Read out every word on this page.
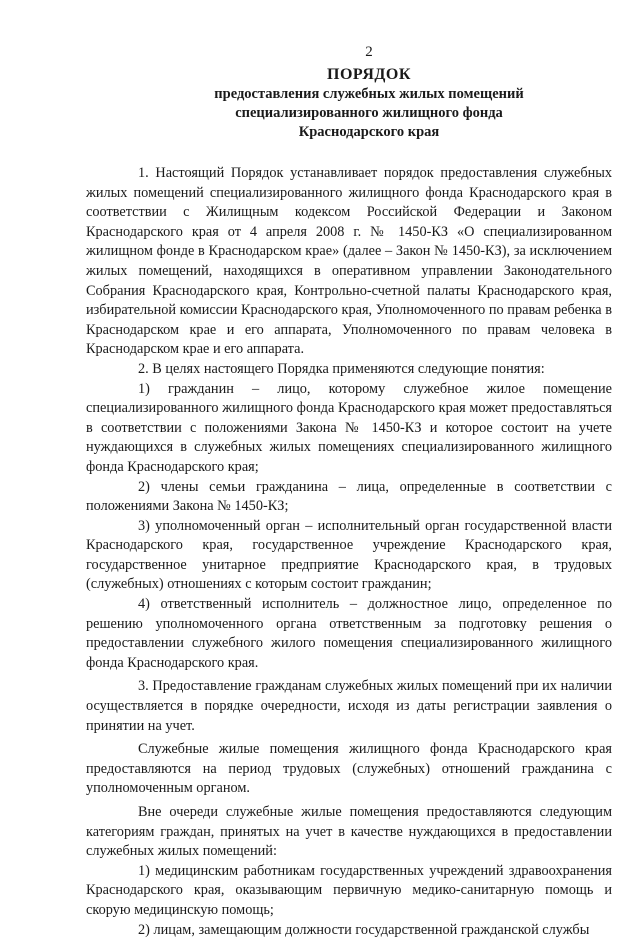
2
ПОРЯДОК
предоставления служебных жилых помещений
специализированного жилищного фонда
Краснодарского края

1. Настоящий Порядок устанавливает порядок предоставления служебных жилых помещений специализированного жилищного фонда Краснодарского края в соответствии с Жилищным кодексом Российской Федерации и Законом Краснодарского края от 4 апреля 2008 г. № 1450-КЗ «О специализированном жилищном фонде в Краснодарском крае» (далее – Закон № 1450-КЗ), за исключением жилых помещений, находящихся в оперативном управлении Законодательного Собрания Краснодарского края, Контрольно-счетной палаты Краснодарского края, избирательной комиссии Краснодарского края, Уполномоченного по правам ребенка в Краснодарском крае и его аппарата, Уполномоченного по правам человека в Краснодарском крае и его аппарата.

2. В целях настоящего Порядка применяются следующие понятия:

1) гражданин – лицо, которому служебное жилое помещение специализированного жилищного фонда Краснодарского края может предоставляться в соответствии с положениями Закона № 1450-КЗ и которое состоит на учете нуждающихся в служебных жилых помещениях специализированного жилищного фонда Краснодарского края;

2) члены семьи гражданина – лица, определенные в соответствии с положениями Закона № 1450-КЗ;

3) уполномоченный орган – исполнительный орган государственной власти Краснодарского края, государственное учреждение Краснодарского края, государственное унитарное предприятие Краснодарского края, в трудовых (служебных) отношениях с которым состоит гражданин;

4) ответственный исполнитель – должностное лицо, определенное по решению уполномоченного органа ответственным за подготовку решения о предоставлении служебного жилого помещения специализированного жилищного фонда Краснодарского края.

3. Предоставление гражданам служебных жилых помещений при их наличии осуществляется в порядке очередности, исходя из даты регистрации заявления о принятии на учет.

Служебные жилые помещения жилищного фонда Краснодарского края предоставляются на период трудовых (служебных) отношений гражданина с уполномоченным органом.

Вне очереди служебные жилые помещения предоставляются следующим категориям граждан, принятых на учет в качестве нуждающихся в предоставлении служебных жилых помещений:

1) медицинским работникам государственных учреждений здравоохранения Краснодарского края, оказывающим первичную медико-санитарную помощь и скорую медицинскую помощь;

2) лицам, замещающим должности государственной гражданской службы
